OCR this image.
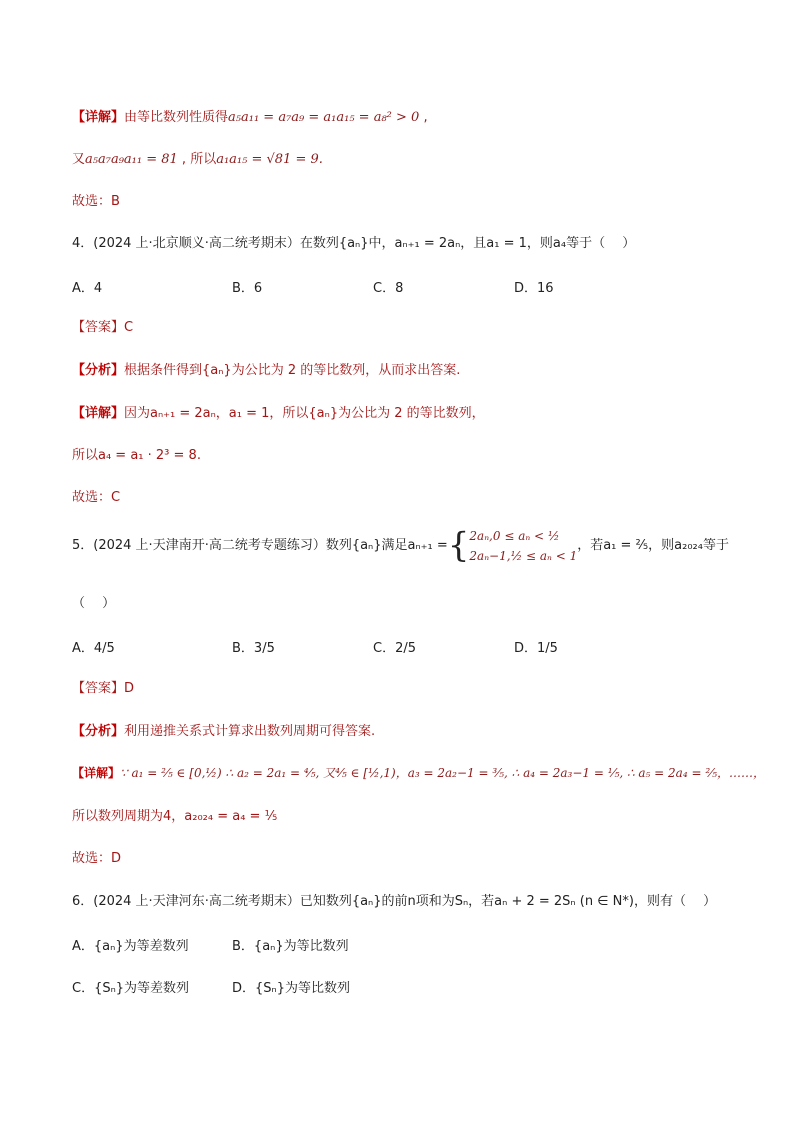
【详解】由等比数列性质得a₅a₁₁ = a₇a₉ = a₁a₁₅ = a₈² > 0 ,
又a₅a₇a₉a₁₁ = 81 , 所以a₁a₁₅ = √81 = 9.
故选：B
4．(2024 上·北京顺义·高二统考期末）在数列{aₙ}中，aₙ₊₁ = 2aₙ，且a₁ = 1，则a₄等于（　 ）
A．4	B．6	C．8	D．16
【答案】C
【分析】根据条件得到{aₙ}为公比为 2 的等比数列，从而求出答案.
【详解】因为aₙ₊₁ = 2aₙ，a₁ = 1，所以{aₙ}为公比为 2 的等比数列，
所以a₄ = a₁ · 2³ = 8.
故选：C
5．(2024 上·天津南开·高二统考专题练习）数列{aₙ}满足aₙ₊₁ ={ 2aₙ,0 ≤ aₙ < ½
2aₙ−1,½ ≤ aₙ < 1
，若a₁ = ⅖，则a₂₀₂₄等于
（　 ）
A．4/5	B．3/5	C．2/5	D．1/5
【答案】D
【分析】利用递推关系式计算求出数列周期可得答案.
【详解】∵ a₁ = ⅖ ∈ [0,½) ∴ a₂ = 2a₁ = ⅘, 又⅘ ∈ [½,1)，a₃ = 2a₂−1 = ⅗, ∴ a₄ = 2a₃−1 = ⅕, ∴ a₅ = 2a₄ = ⅖，……，
所以数列周期为4，a₂₀₂₄ = a₄ = ⅕
故选：D
6．(2024 上·天津河东·高二统考期末）已知数列{aₙ}的前n项和为Sₙ，若aₙ + 2 = 2Sₙ (n ∈ N*)，则有（　 ）
A．{aₙ}为等差数列	B．{aₙ}为等比数列
C．{Sₙ}为等差数列	D．{Sₙ}为等比数列
